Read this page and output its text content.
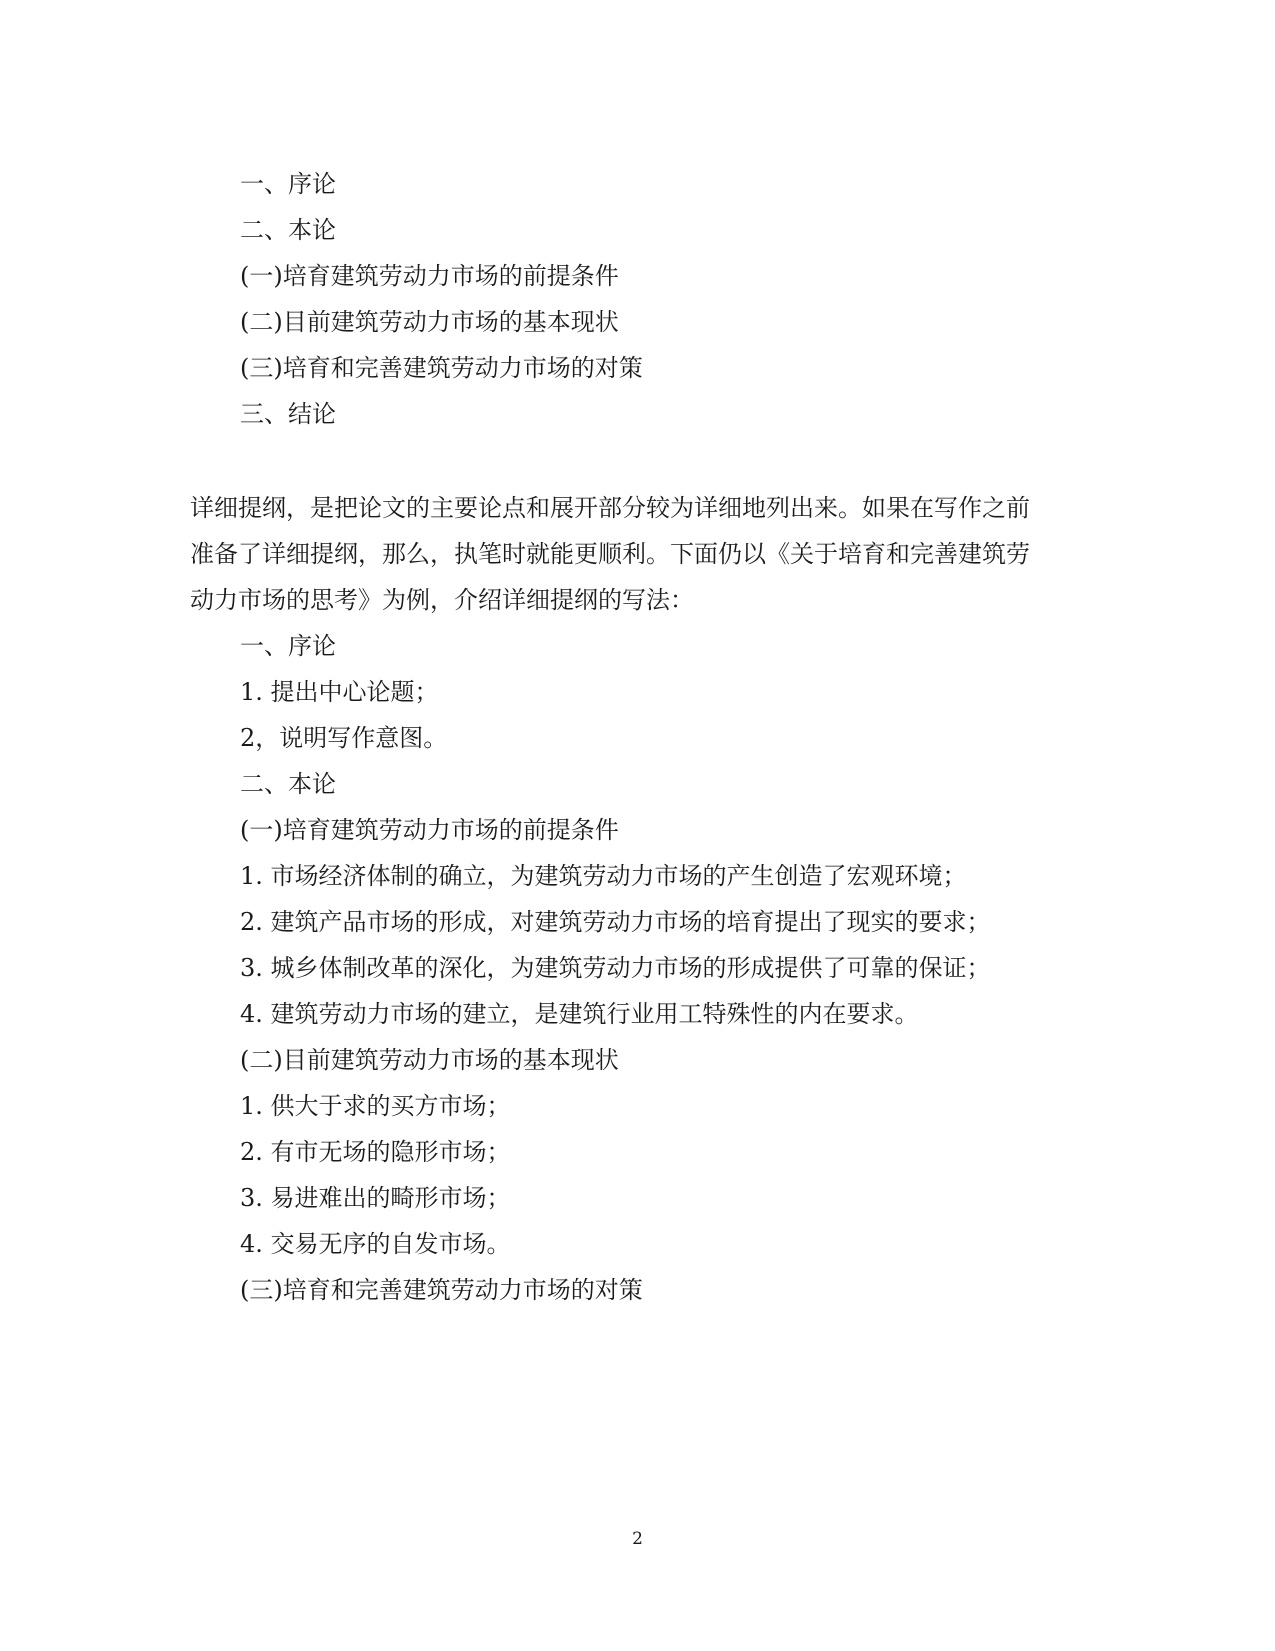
一、序论
二、本论
(一)培育建筑劳动力市场的前提条件
(二)目前建筑劳动力市场的基本现状
(三)培育和完善建筑劳动力市场的对策
三、结论
详细提纲，是把论文的主要论点和展开部分较为详细地列出来。如果在写作之前
准备了详细提纲，那么，执笔时就能更顺利。下面仍以《关于培育和完善建筑劳
动力市场的思考》为例，介绍详细提纲的写法：
一、序论
1. 提出中心论题；
2，说明写作意图。
二、本论
(一)培育建筑劳动力市场的前提条件
1. 市场经济体制的确立，为建筑劳动力市场的产生创造了宏观环境；
2. 建筑产品市场的形成，对建筑劳动力市场的培育提出了现实的要求；
3. 城乡体制改革的深化，为建筑劳动力市场的形成提供了可靠的保证；
4. 建筑劳动力市场的建立，是建筑行业用工特殊性的内在要求。
(二)目前建筑劳动力市场的基本现状
1. 供大于求的买方市场；
2. 有市无场的隐形市场；
3. 易进难出的畸形市场；
4. 交易无序的自发市场。
(三)培育和完善建筑劳动力市场的对策
2
